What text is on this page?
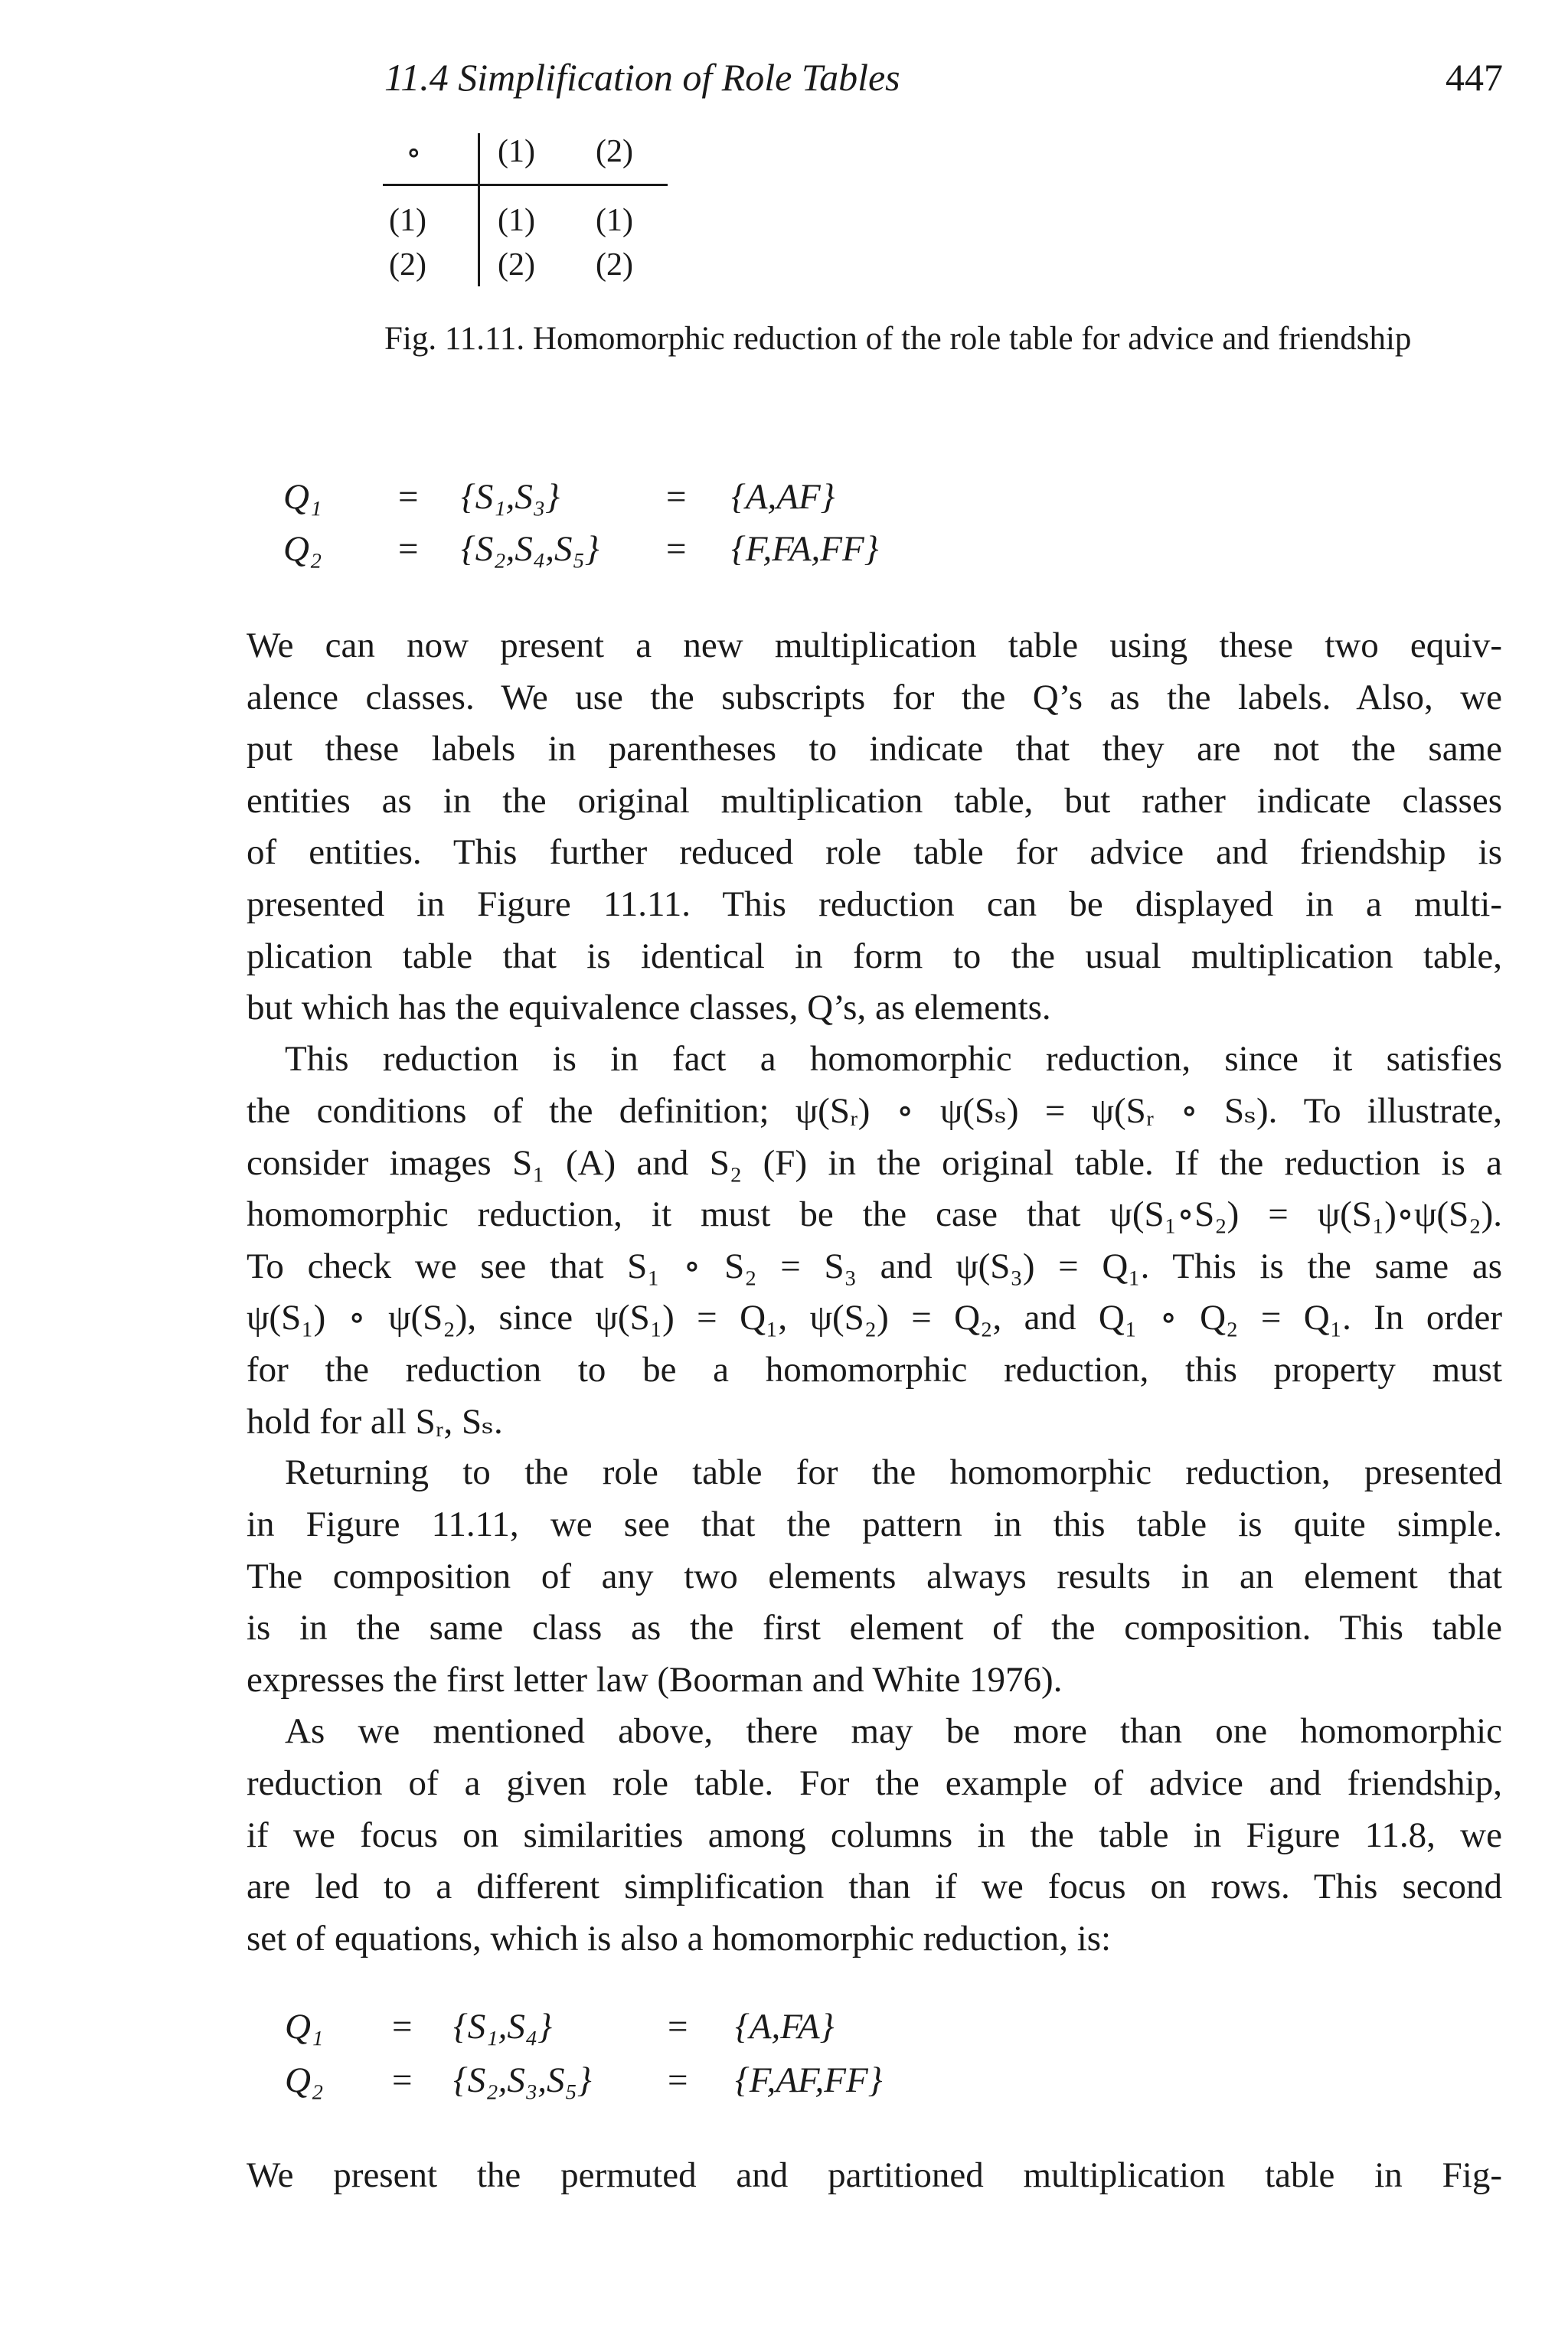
11.4 Simplification of Role Tables	447
∘ (1) (2)
(1) (1) (1)
(2) (2) (2)
Fig. 11.11. Homomorphic reduction of the role table for advice and friendship
Q₁ = {S₁,S₃}	= {A,AF}
Q₂ = {S₂,S₄,S₅} = {F,FA,FF}
We can now present a new multiplication table using these two equiv-
alence classes. We use the subscripts for the Q’s as the labels. Also, we
put these labels in parentheses to indicate that they are not the same
entities as in the original multiplication table, but rather indicate classes
of entities. This further reduced role table for advice and friendship is
presented in Figure 11.11. This reduction can be displayed in a multi-
plication table that is identical in form to the usual multiplication table,
but which has the equivalence classes, Q’s, as elements.
This reduction is in fact a homomorphic reduction, since it satisfies
the conditions of the definition; ψ(Sᵣ) ∘ ψ(Sₛ) = ψ(Sᵣ ∘ Sₛ). To illustrate,
consider images S₁ (A) and S₂ (F) in the original table. If the reduction is a
homomorphic reduction, it must be the case that ψ(S₁∘S₂) = ψ(S₁)∘ψ(S₂).
To check we see that S₁ ∘ S₂ = S₃ and ψ(S₃) = Q₁. This is the same as
ψ(S₁) ∘ ψ(S₂), since ψ(S₁) = Q₁, ψ(S₂) = Q₂, and Q₁ ∘ Q₂ = Q₁. In order
for the reduction to be a homomorphic reduction, this property must
hold for all Sᵣ, Sₛ.
Returning to the role table for the homomorphic reduction, presented
in Figure 11.11, we see that the pattern in this table is quite simple.
The composition of any two elements always results in an element that
is in the same class as the first element of the composition. This table
expresses the first letter law (Boorman and White 1976).
As we mentioned above, there may be more than one homomorphic
reduction of a given role table. For the example of advice and friendship,
if we focus on similarities among columns in the table in Figure 11.8, we
are led to a different simplification than if we focus on rows. This second
set of equations, which is also a homomorphic reduction, is:
Q₁ = {S₁,S₄}	= {A,FA}
Q₂ = {S₂,S₃,S₅} = {F,AF,FF}
We present the permuted and partitioned multiplication table in Fig-
